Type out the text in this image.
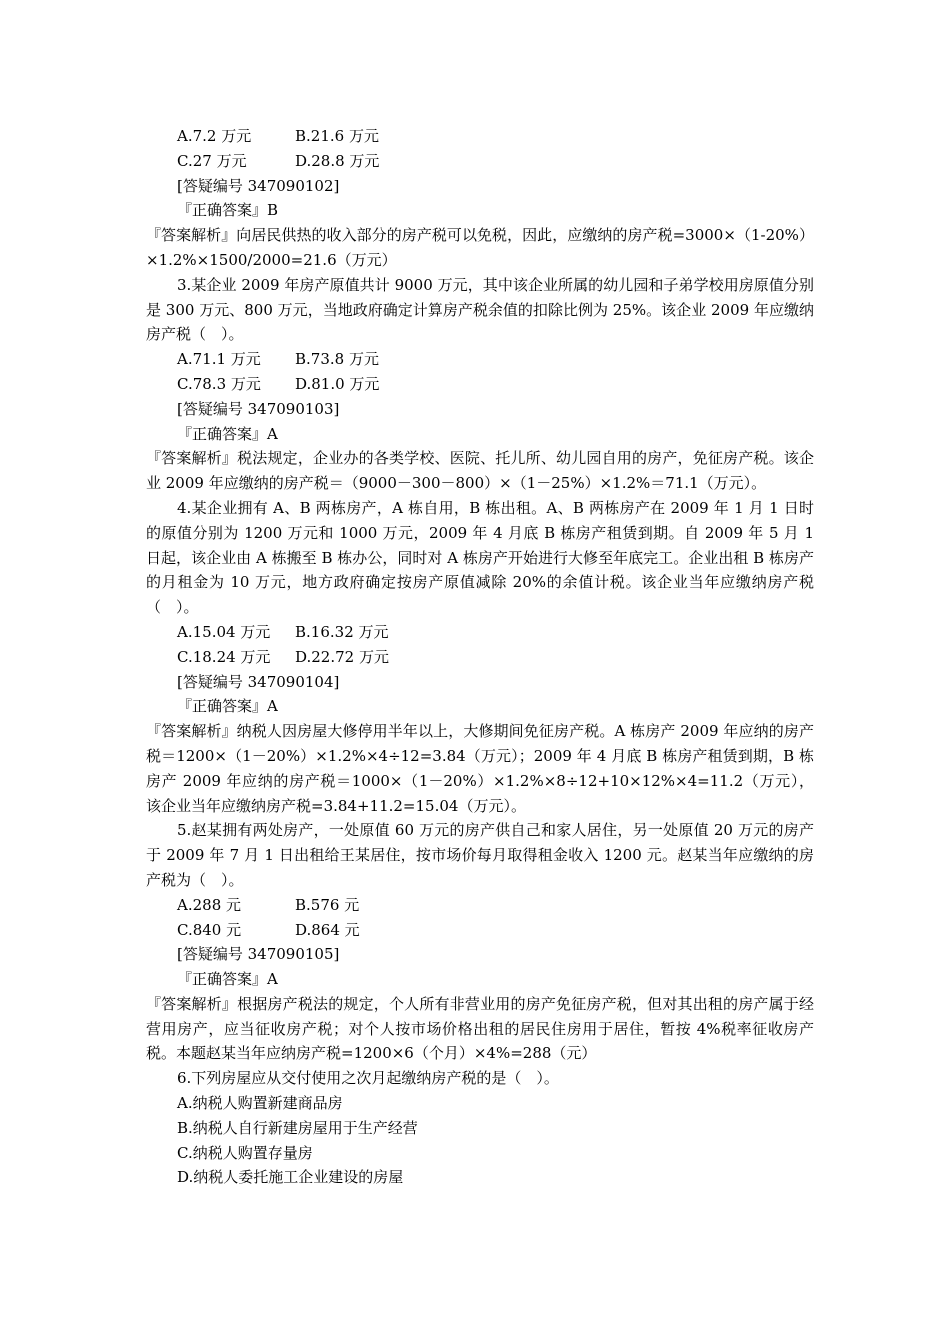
A.7.2 万元	B.21.6 万元
C.27 万元	D.28.8 万元
[答疑编号 347090102]
『正确答案』B
『答案解析』向居民供热的收入部分的房产税可以免税，因此，应缴纳的房产税=3000×（1-20%）×1.2%×1500/2000=21.6（万元）
3.某企业 2009 年房产原值共计 9000 万元，其中该企业所属的幼儿园和子弟学校用房原值分别是 300 万元、800 万元，当地政府确定计算房产税余值的扣除比例为 25%。该企业 2009 年应缴纳房产税（　）。
A.71.1 万元	B.73.8 万元
C.78.3 万元	D.81.0 万元
[答疑编号 347090103]
『正确答案』A
『答案解析』税法规定，企业办的各类学校、医院、托儿所、幼儿园自用的房产，免征房产税。该企业 2009 年应缴纳的房产税＝（9000－300－800）×（1－25%）×1.2%＝71.1（万元）。
4.某企业拥有 A、B 两栋房产，A 栋自用，B 栋出租。A、B 两栋房产在 2009 年 1 月 1 日时的原值分别为 1200 万元和 1000 万元，2009 年 4 月底 B 栋房产租赁到期。自 2009 年 5 月 1 日起，该企业由 A 栋搬至 B 栋办公，同时对 A 栋房产开始进行大修至年底完工。企业出租 B 栋房产的月租金为 10 万元，地方政府确定按房产原值减除 20%的余值计税。该企业当年应缴纳房产税（　）。
A.15.04 万元	B.16.32 万元
C.18.24 万元	D.22.72 万元
[答疑编号 347090104]
『正确答案』A
『答案解析』纳税人因房屋大修停用半年以上，大修期间免征房产税。A 栋房产 2009 年应纳的房产税＝1200×（1－20%）×1.2%×4÷12=3.84（万元）；2009 年 4 月底 B 栋房产租赁到期，B 栋房产 2009 年应纳的房产税＝1000×（1－20%）×1.2%×8÷12+10×12%×4=11.2（万元），该企业当年应缴纳房产税=3.84+11.2=15.04（万元）。
5.赵某拥有两处房产，一处原值 60 万元的房产供自己和家人居住，另一处原值 20 万元的房产于 2009 年 7 月 1 日出租给王某居住，按市场价每月取得租金收入 1200 元。赵某当年应缴纳的房产税为（　）。
A.288 元	B.576 元
C.840 元	D.864 元
[答疑编号 347090105]
『正确答案』A
『答案解析』根据房产税法的规定，个人所有非营业用的房产免征房产税，但对其出租的房产属于经营用房产，应当征收房产税；对个人按市场价格出租的居民住房用于居住，暂按 4%税率征收房产税。本题赵某当年应纳房产税=1200×6（个月）×4%=288（元）
6.下列房屋应从交付使用之次月起缴纳房产税的是（　）。
A.纳税人购置新建商品房
B.纳税人自行新建房屋用于生产经营
C.纳税人购置存量房
D.纳税人委托施工企业建设的房屋
